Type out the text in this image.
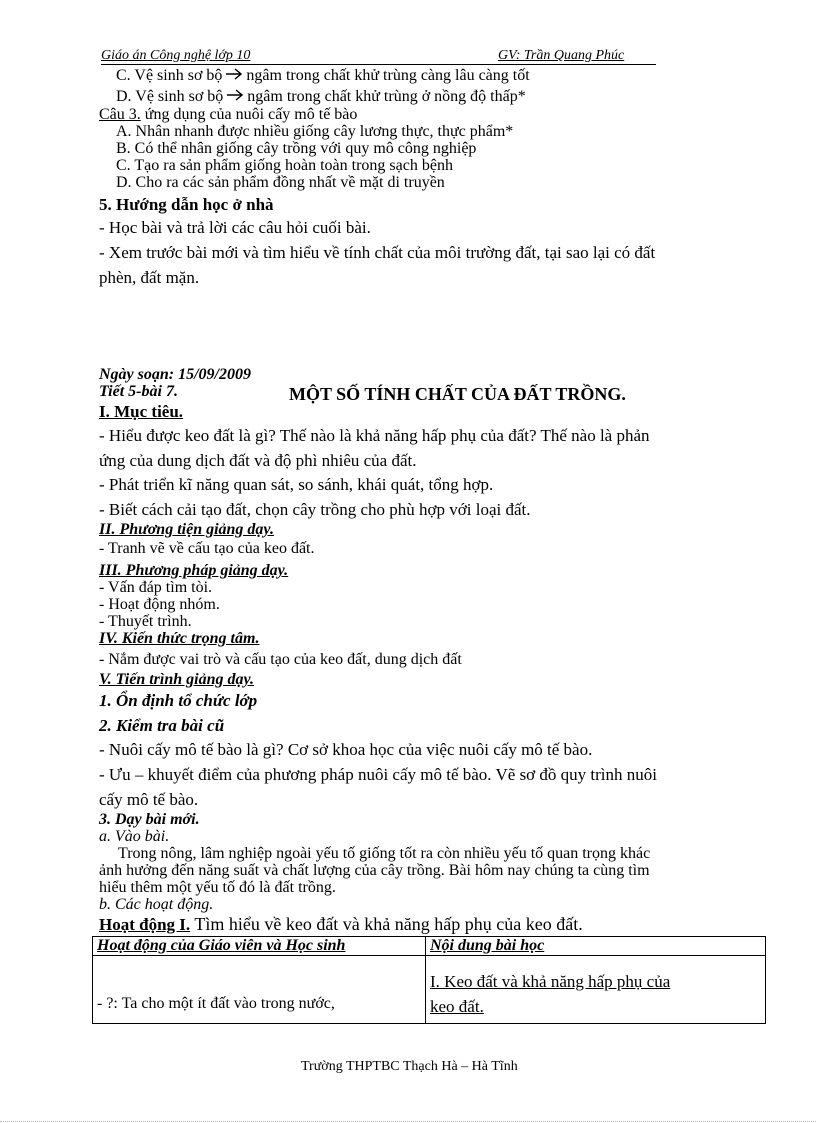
Giáo án Công nghệ lớp 10	GV: Trần Quang Phúc
C. Vệ sinh sơ bộ ngâm trong chất khử trùng càng lâu càng tốt
D. Vệ sinh sơ bộ ngâm trong chất khử trùng ở nồng độ thấp*
Câu 3. ứng dụng của nuôi cấy mô tế bào
A. Nhân nhanh được nhiều giống cây lương thực, thực phẩm*
B. Có thể nhân giống cây trồng với quy mô công nghiệp
C. Tạo ra sản phẩm giống hoàn toàn trong sạch bệnh
D. Cho ra các sản phẩm đồng nhất về mặt di truyền
5. Hướng dẫn học ở nhà
- Học bài và trả lời các câu hỏi cuối bài.
- Xem trước bài mới và tìm hiểu về tính chất của môi trường đất, tại sao lại có đất
phèn, đất mặn.
Ngày soạn: 15/09/2009
Tiết 5-bài 7.	MỘT SỐ TÍNH CHẤT CỦA ĐẤT TRỒNG.
I. Mục tiêu.
- Hiểu được keo đất là gì? Thế nào là khả năng hấp phụ của đất? Thế nào là phản
ứng của dung dịch đất và độ phì nhiêu của đất.
- Phát triển kĩ năng quan sát, so sánh, khái quát, tổng hợp.
- Biết cách cải tạo đất, chọn cây trồng cho phù hợp với loại đất.
II. Phương tiện giảng dạy.
- Tranh vẽ về cấu tạo của keo đất.
III. Phương pháp giảng dạy.
- Vấn đáp tìm tòi.
- Hoạt động nhóm.
- Thuyết trình.
IV. Kiến thức trọng tâm.
- Nắm được vai trò và cấu tạo của keo đất, dung dịch đất
V. Tiến trình giảng dạy.
1. Ổn định tổ chức lớp
2. Kiểm tra bài cũ
- Nuôi cấy mô tế bào là gì? Cơ sở khoa học của việc nuôi cấy mô tế bào.
- Ưu – khuyết điểm của phương pháp nuôi cấy mô tế bào. Vẽ sơ đồ quy trình nuôi
cấy mô tế bào.
3. Dạy bài mới.
a. Vào bài.
Trong nông, lâm nghiệp ngoài yếu tố giống tốt ra còn nhiều yếu tố quan trọng khác
ảnh hưởng đến năng suất và chất lượng của cây trồng. Bài hôm nay chúng ta cùng tìm
hiểu thêm một yếu tố đó là đất trồng.
b. Các hoạt động.
Hoạt động I. Tìm hiểu về keo đất và khả năng hấp phụ của keo đất.
Hoạt động của Giáo viên và Học sinh	Nội dung bài học
- ?: Ta cho một ít đất vào trong nước,	I. Keo đất và khả năng hấp phụ của
keo đất.
Trường THPTBC Thạch Hà – Hà Tĩnh
